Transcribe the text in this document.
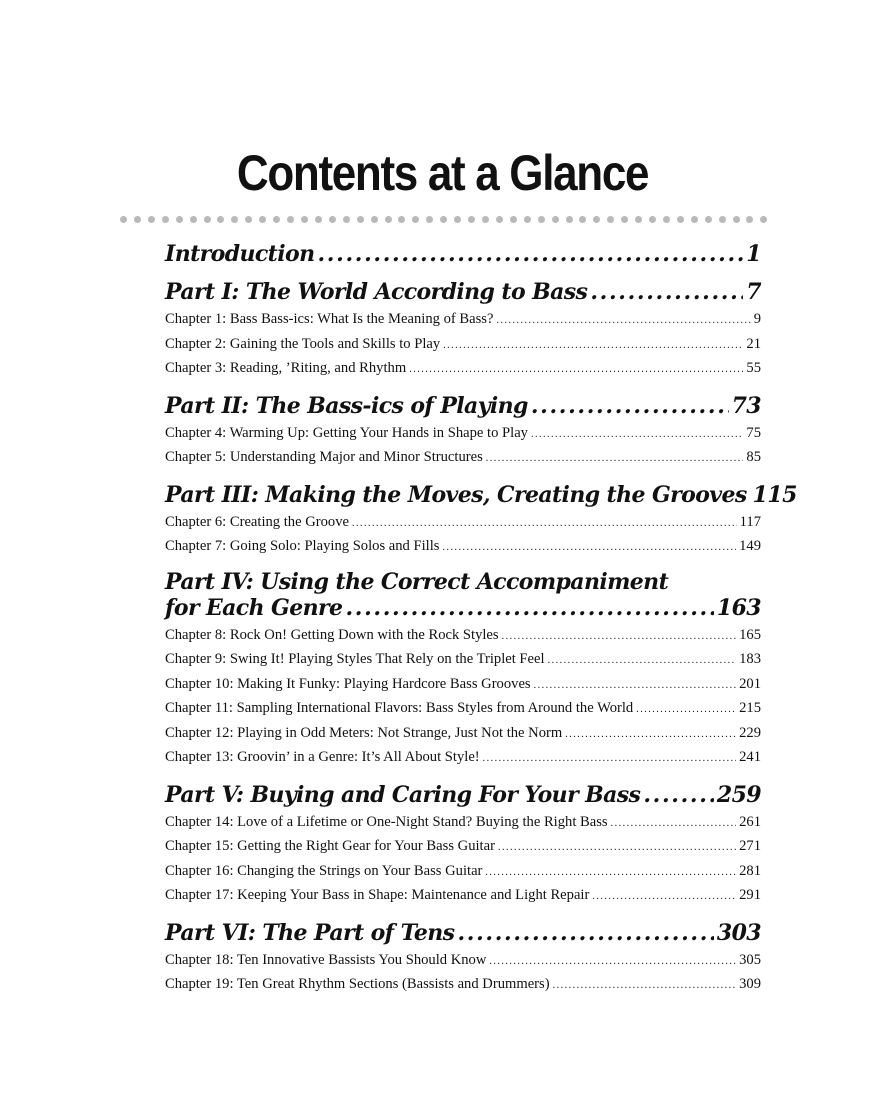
Contents at a Glance
Introduction . . .	1
Part I: The World According to Bass . . .	7
Chapter 1: Bass Bass-ics: What Is the Meaning of Bass? . . .	9
Chapter 2: Gaining the Tools and Skills to Play . . .	21
Chapter 3: Reading, ’Riting, and Rhythm . . .	55
Part II: The Bass-ics of Playing . . .	73
Chapter 4: Warming Up: Getting Your Hands in Shape to Play . . .	75
Chapter 5: Understanding Major and Minor Structures . . .	85
Part III: Making the Moves, Creating the Grooves 115
Chapter 6: Creating the Groove . . .	117
Chapter 7: Going Solo: Playing Solos and Fills . . .	149
Part IV: Using the Correct Accompaniment
for Each Genre . . .	163
Chapter 8: Rock On! Getting Down with the Rock Styles . . .	165
Chapter 9: Swing It! Playing Styles That Rely on the Triplet Feel . . .	183
Chapter 10: Making It Funky: Playing Hardcore Bass Grooves . . .	201
Chapter 11: Sampling International Flavors: Bass Styles from Around the World . . .	215
Chapter 12: Playing in Odd Meters: Not Strange, Just Not the Norm . . .	229
Chapter 13: Groovin’ in a Genre: It’s All About Style! . . .	241
Part V: Buying and Caring For Your Bass . . .	259
Chapter 14: Love of a Lifetime or One-Night Stand? Buying the Right Bass . . .	261
Chapter 15: Getting the Right Gear for Your Bass Guitar . . .	271
Chapter 16: Changing the Strings on Your Bass Guitar . . .	281
Chapter 17: Keeping Your Bass in Shape: Maintenance and Light Repair . . .	291
Part VI: The Part of Tens . . .	303
Chapter 18: Ten Innovative Bassists You Should Know . . .	305
Chapter 19: Ten Great Rhythm Sections (Bassists and Drummers) . . .	309
